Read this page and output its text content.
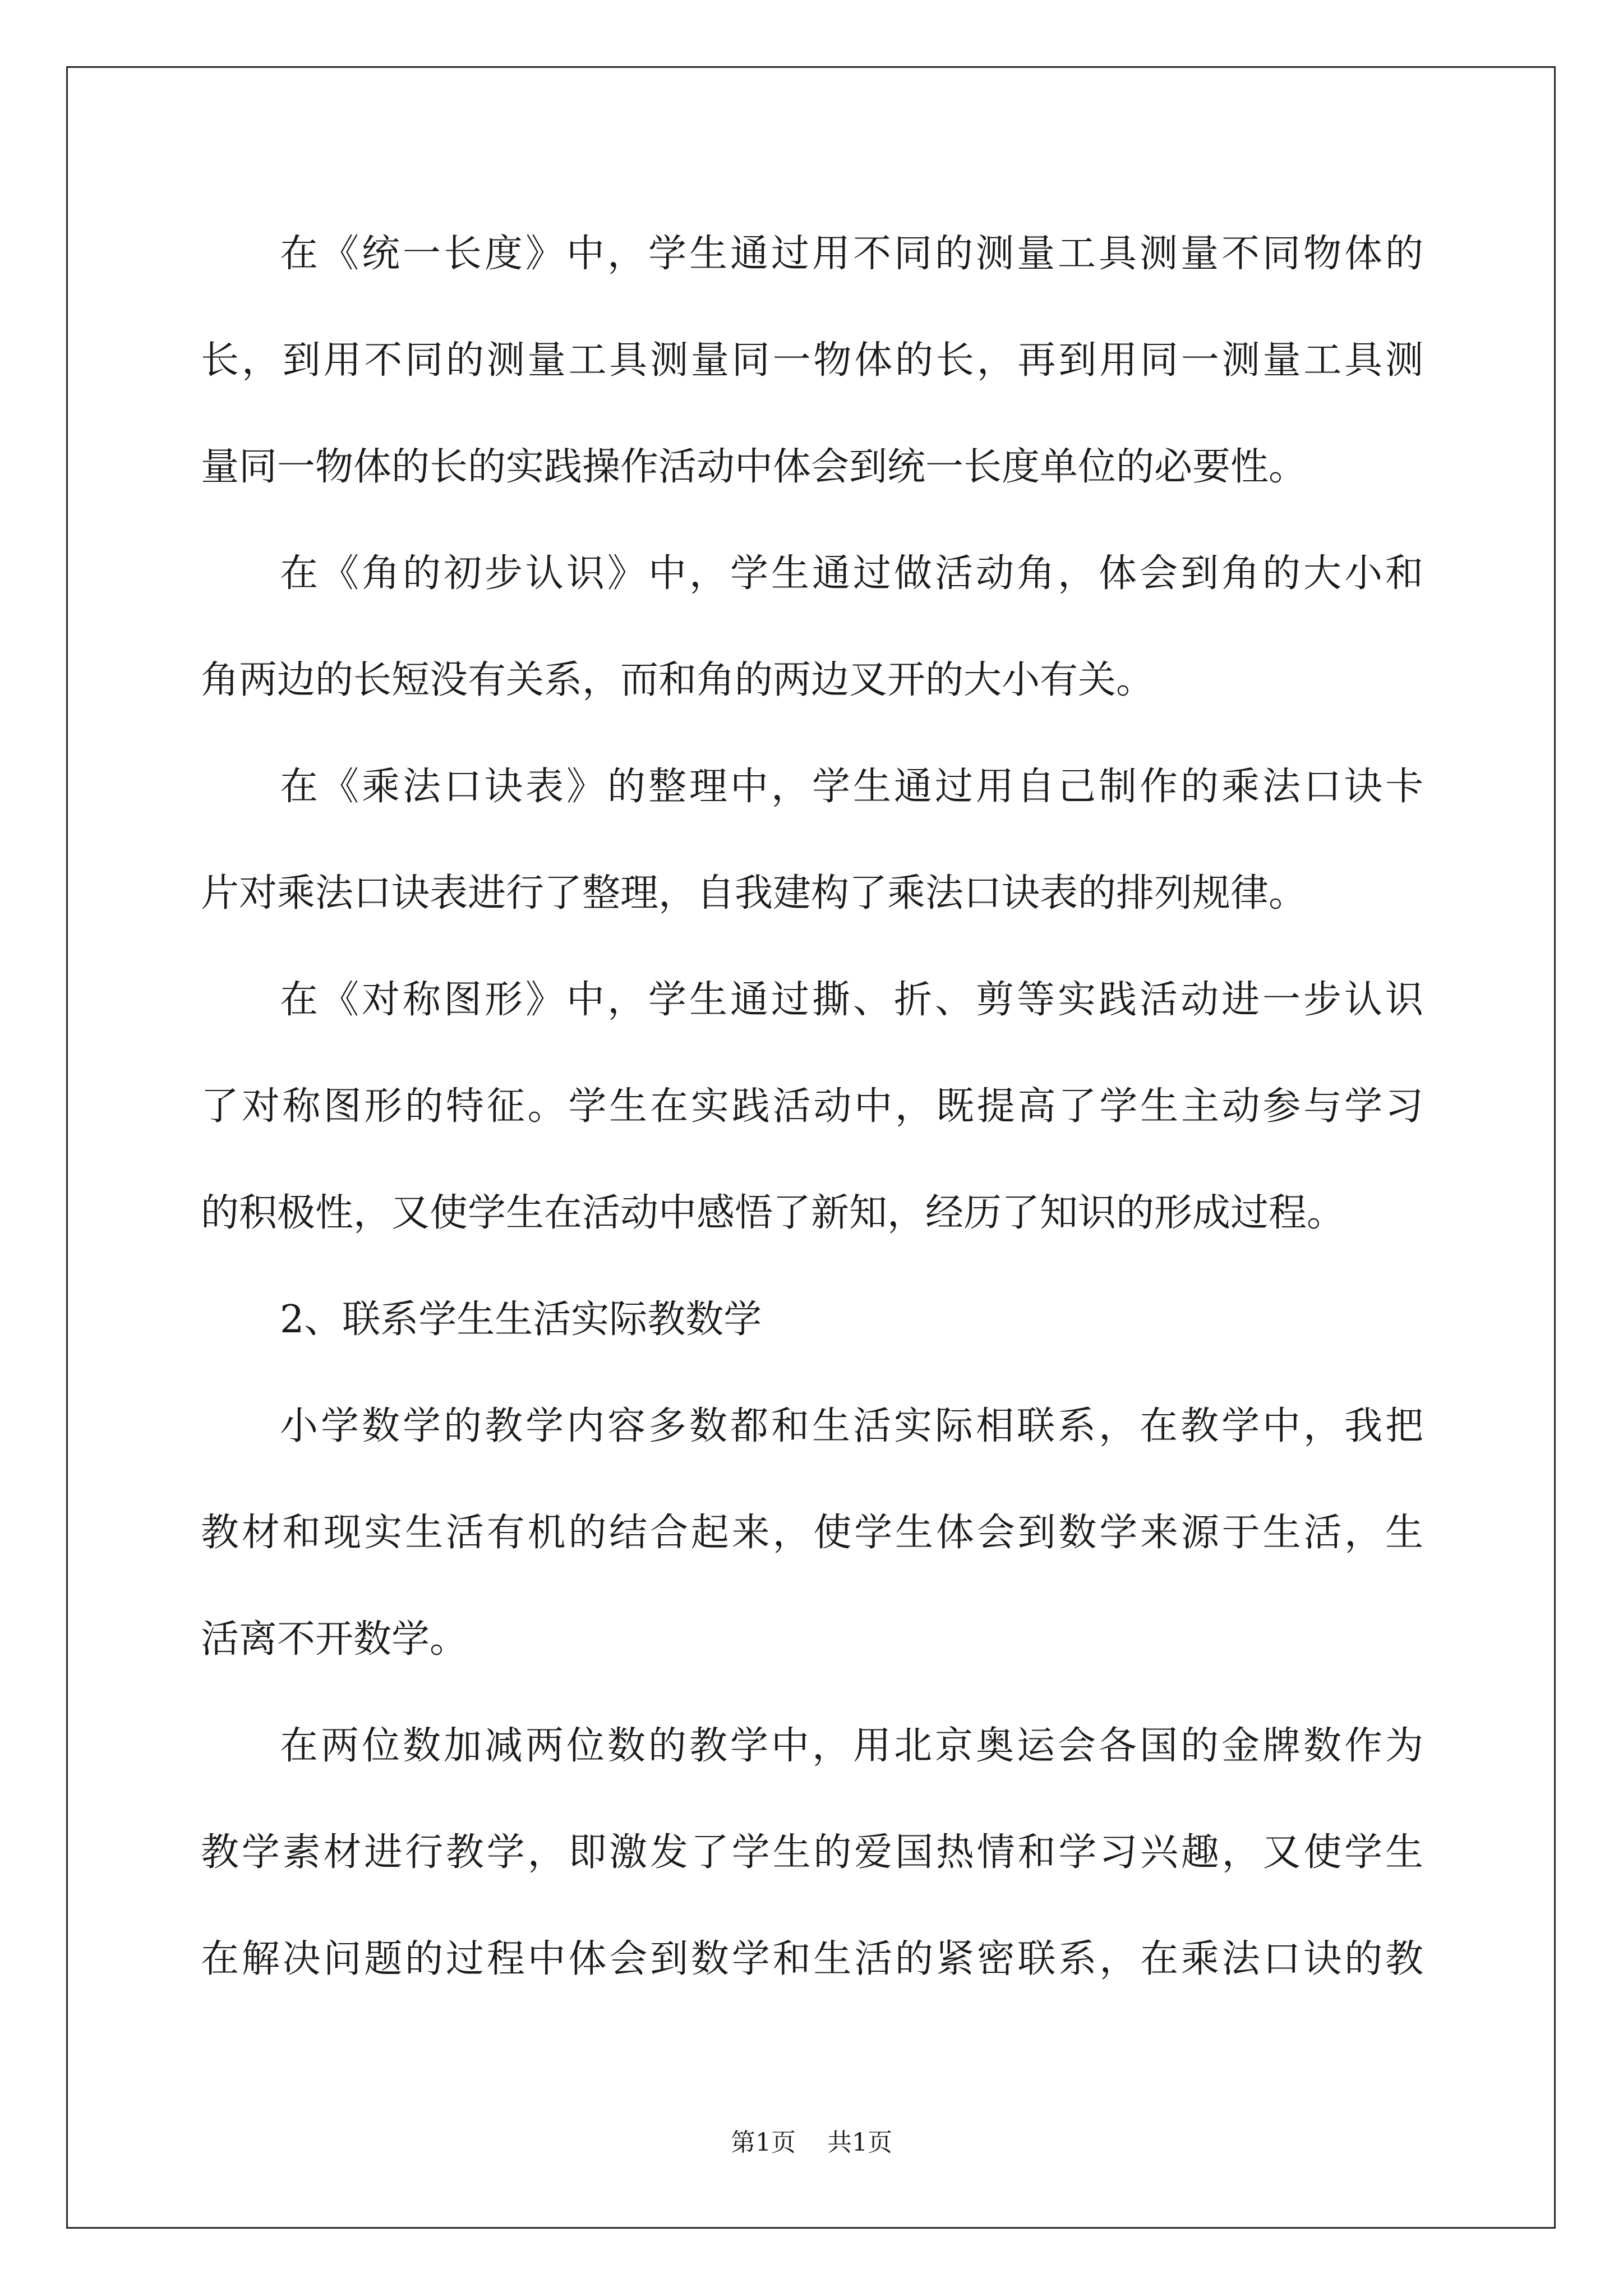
在《统一长度》中，学生通过用不同的测量工具测量不同物体的
长，到用不同的测量工具测量同一物体的长，再到用同一测量工具测
量同一物体的长的实践操作活动中体会到统一长度单位的必要性。
在《角的初步认识》中，学生通过做活动角，体会到角的大小和
角两边的长短没有关系，而和角的两边叉开的大小有关。
在《乘法口诀表》的整理中，学生通过用自己制作的乘法口诀卡
片对乘法口诀表进行了整理，自我建构了乘法口诀表的排列规律。
在《对称图形》中，学生通过撕、折、剪等实践活动进一步认识
了对称图形的特征。学生在实践活动中，既提高了学生主动参与学习
的积极性，又使学生在活动中感悟了新知，经历了知识的形成过程。
2、联系学生生活实际教数学
小学数学的教学内容多数都和生活实际相联系，在教学中，我把
教材和现实生活有机的结合起来，使学生体会到数学来源于生活，生
活离不开数学。
在两位数加减两位数的教学中，用北京奥运会各国的金牌数作为
教学素材进行教学，即激发了学生的爱国热情和学习兴趣，又使学生
在解决问题的过程中体会到数学和生活的紧密联系，在乘法口诀的教
第1页 共1页
